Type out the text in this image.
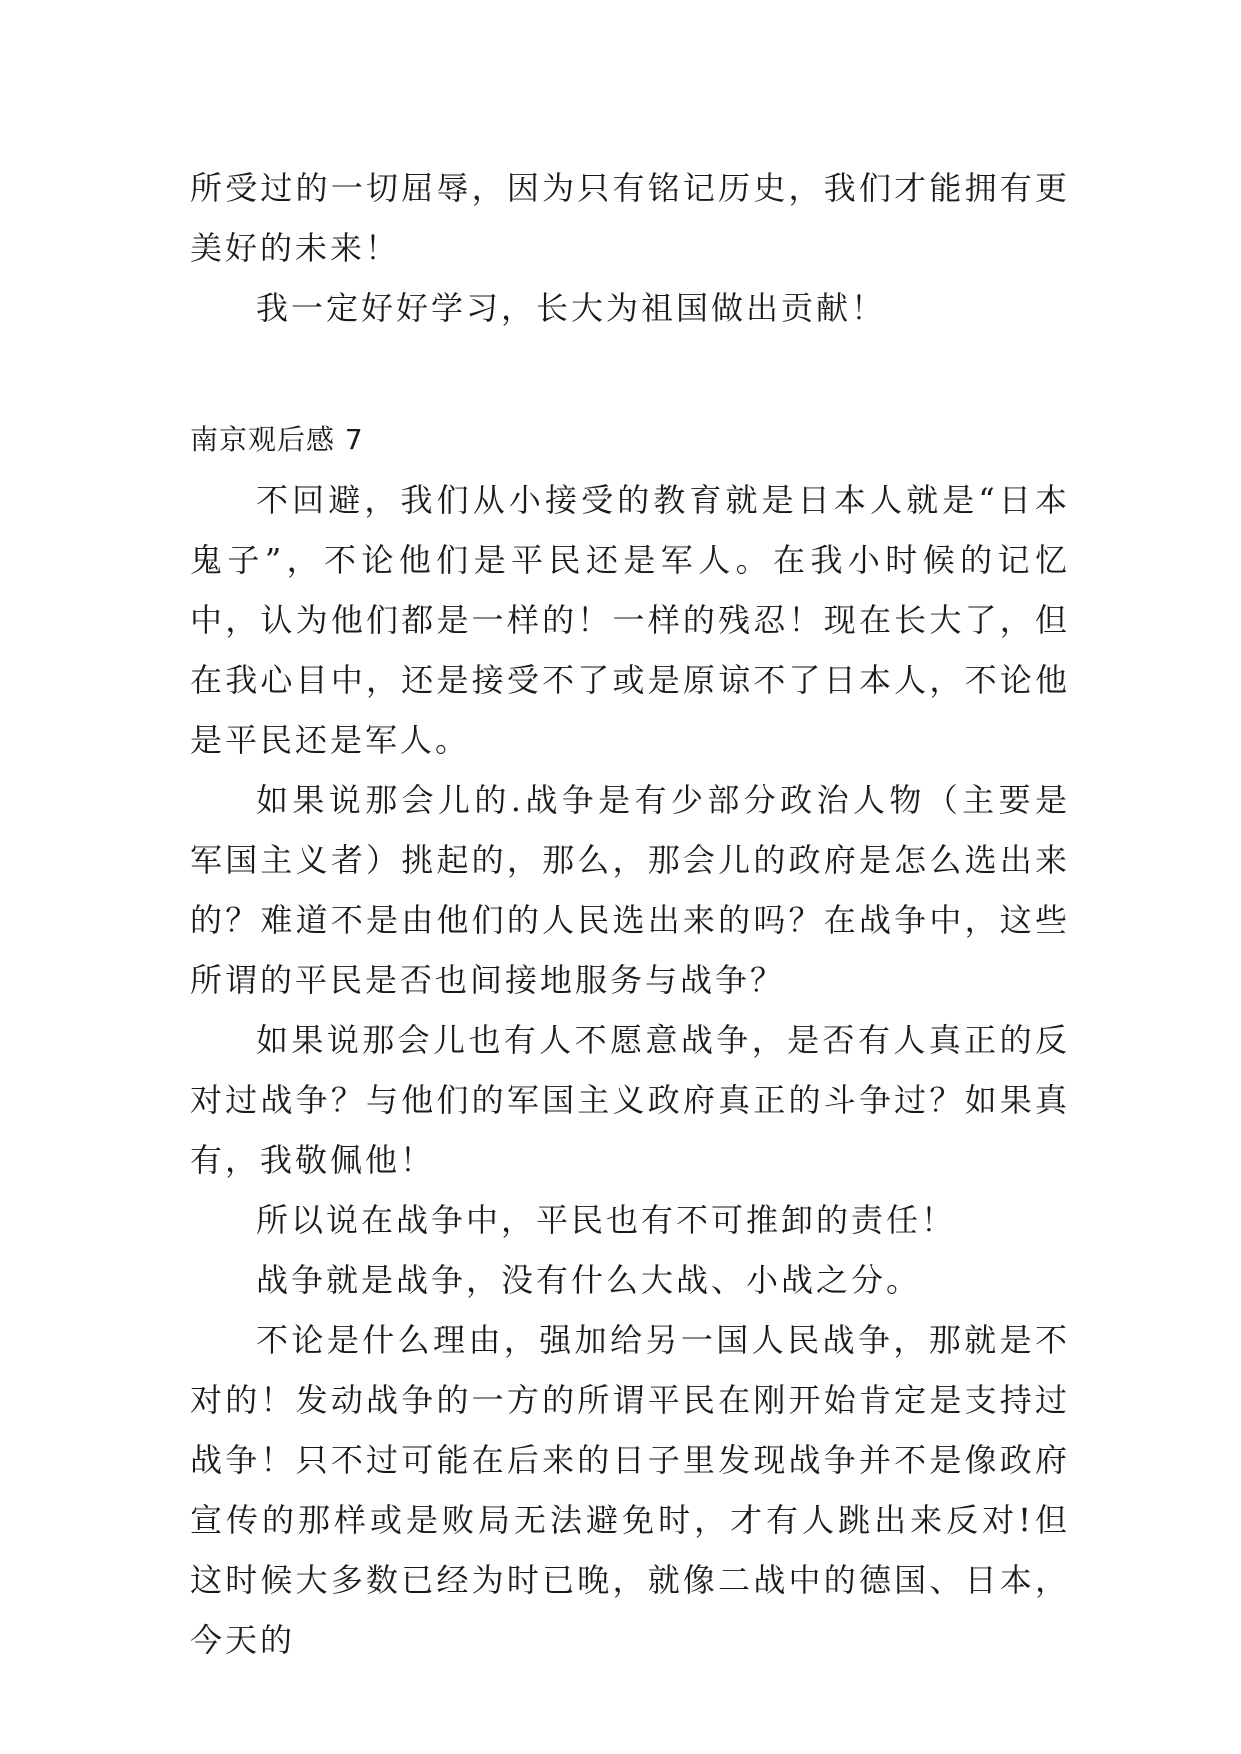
所受过的一切屈辱，因为只有铭记历史，我们才能拥有更美好的未来！

我一定好好学习，长大为祖国做出贡献！

南京观后感 7

不回避，我们从小接受的教育就是日本人就是“日本鬼子”，不论他们是平民还是军人。在我小时候的记忆中，认为他们都是一样的！一样的残忍！现在长大了，但在我心目中，还是接受不了或是原谅不了日本人，不论他是平民还是军人。

如果说那会儿的.战争是有少部分政治人物（主要是军国主义者）挑起的，那么，那会儿的政府是怎么选出来的？难道不是由他们的人民选出来的吗？在战争中，这些所谓的平民是否也间接地服务与战争？

如果说那会儿也有人不愿意战争，是否有人真正的反对过战争？与他们的军国主义政府真正的斗争过？如果真有，我敬佩他！

所以说在战争中，平民也有不可推卸的责任！

战争就是战争，没有什么大战、小战之分。

不论是什么理由，强加给另一国人民战争，那就是不对的！发动战争的一方的所谓平民在刚开始肯定是支持过战争！只不过可能在后来的日子里发现战争并不是像政府宣传的那样或是败局无法避免时，才有人跳出来反对!但这时候大多数已经为时已晚，就像二战中的德国、日本，今天的
